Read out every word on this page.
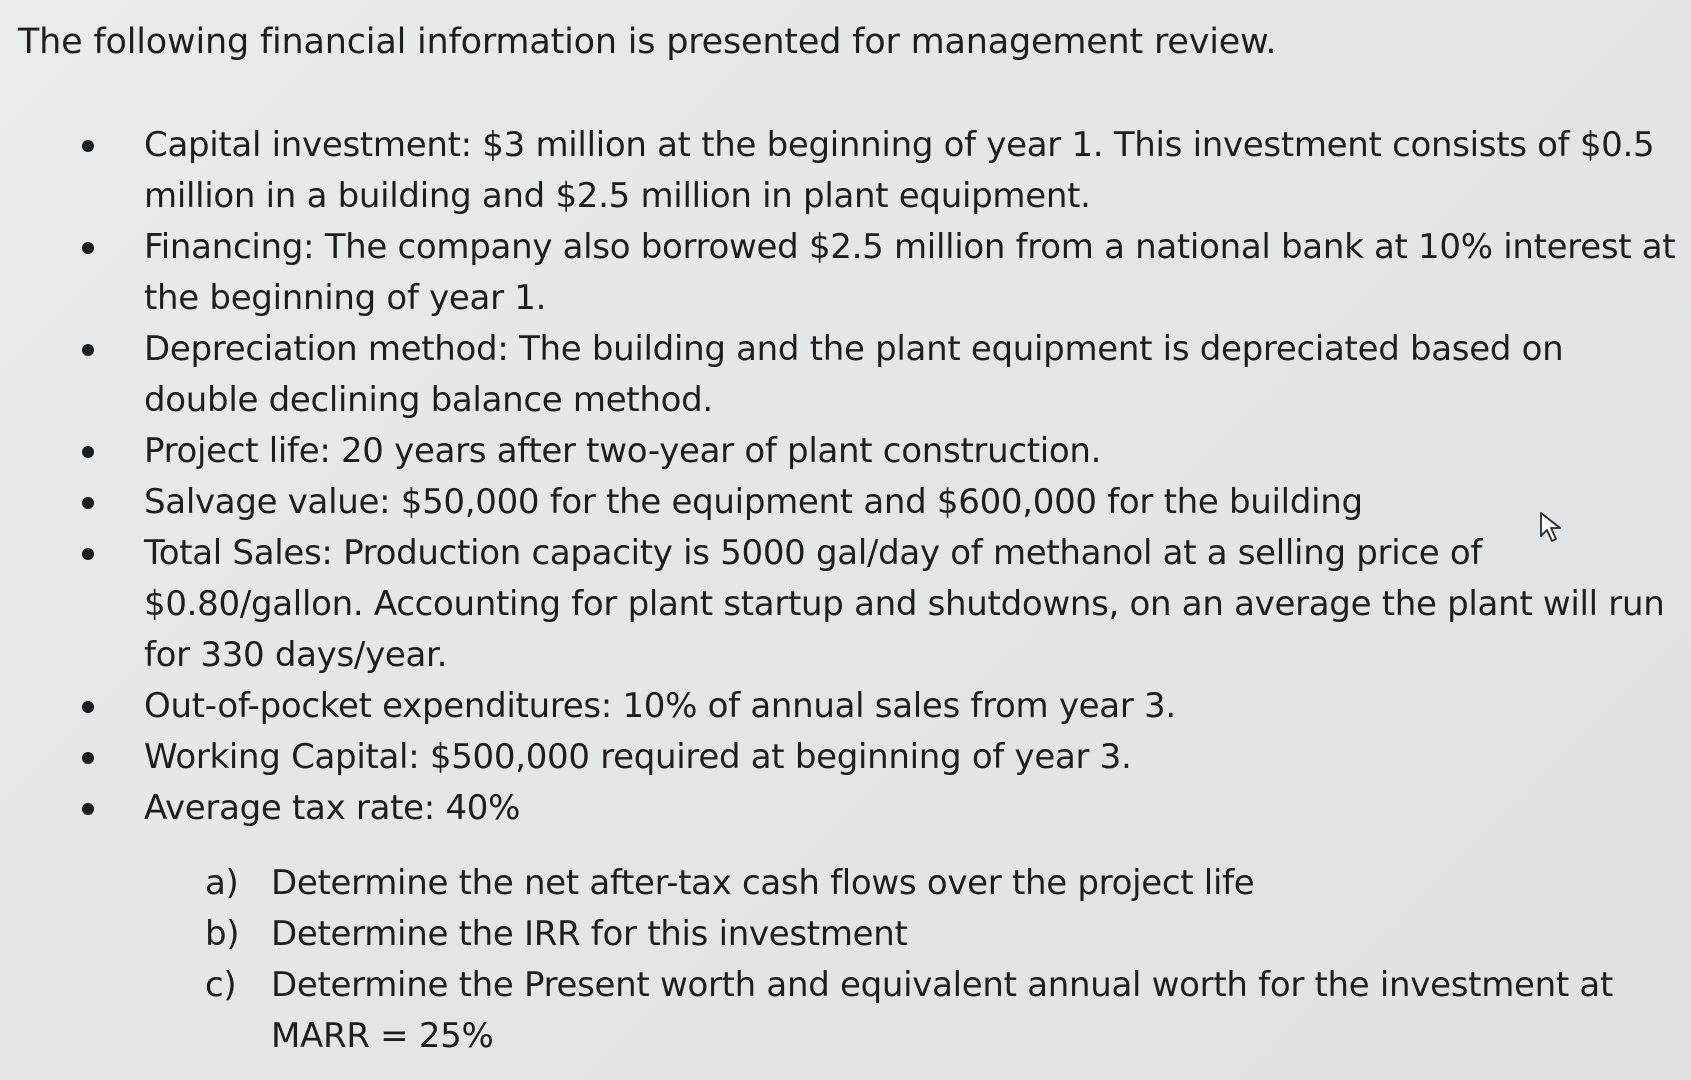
The following financial information is presented for management review.

Capital investment: $3 million at the beginning of year 1. This investment consists of $0.5 million in a building and $2.5 million in plant equipment.
Financing: The company also borrowed $2.5 million from a national bank at 10% interest at the beginning of year 1.
Depreciation method: The building and the plant equipment is depreciated based on double declining balance method.
Project life: 20 years after two-year of plant construction.
Salvage value: $50,000 for the equipment and $600,000 for the building
Total Sales: Production capacity is 5000 gal/day of methanol at a selling price of $0.80/gallon. Accounting for plant startup and shutdowns, on an average the plant will run for 330 days/year.
Out-of-pocket expenditures: 10% of annual sales from year 3.
Working Capital: $500,000 required at beginning of year 3.
Average tax rate: 40%
a) Determine the net after-tax cash flows over the project life
b) Determine the IRR for this investment
c) Determine the Present worth and equivalent annual worth for the investment at MARR = 25%
